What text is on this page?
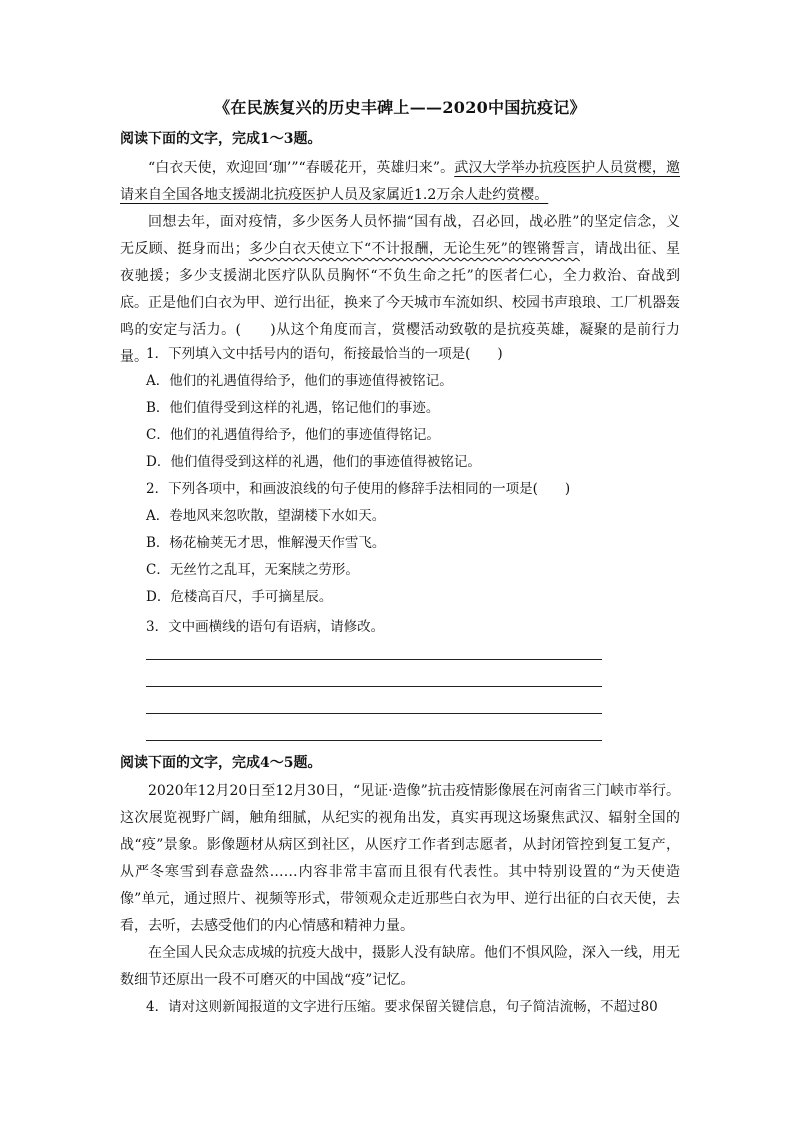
《在民族复兴的历史丰碑上——2020中国抗疫记》
阅读下面的文字，完成1～3题。

“白衣天使，欢迎回‘珈’”“春暖花开，英雄归来”。武汉大学举办抗疫医护人员赏樱，邀请来自全国各地支援湖北抗疫医护人员及家属近1.2万余人赴约赏樱。

回想去年，面对疫情，多少医务人员怀揣“国有战，召必回，战必胜”的坚定信念，义无反顾、挺身而出；多少白衣天使立下“不计报酬，无论生死”的铿锵誓言，请战出征、星夜驰援；多少支援湖北医疗队队员胸怀“不负生命之托”的医者仁心，全力救治、奋战到底。正是他们白衣为甲、逆行出征，换来了今天城市车流如织、校园书声琅琅、工厂机器轰鸣的安定与活力。(　　)从这个角度而言，赏樱活动致敬的是抗疫英雄，凝聚的是前行力量。

1．下列填入文中括号内的语句，衔接最恰当的一项是(　　)
A．他们的礼遇值得给予，他们的事迹值得被铭记。
B．他们值得受到这样的礼遇，铭记他们的事迹。
C．他们的礼遇值得给予，他们的事迹值得铭记。
D．他们值得受到这样的礼遇，他们的事迹值得被铭记。
2．下列各项中，和画波浪线的句子使用的修辞手法相同的一项是(　　)
A．卷地风来忽吹散，望湖楼下水如天。
B．杨花榆荚无才思，惟解漫天作雪飞。
C．无丝竹之乱耳，无案牍之劳形。
D．危楼高百尺，手可摘星辰。
3．文中画横线的语句有语病，请修改。
阅读下面的文字，完成4～5题。

2020年12月20日至12月30日，“见证·造像”抗击疫情影像展在河南省三门峡市举行。这次展览视野广阔，触角细腻，从纪实的视角出发，真实再现这场聚焦武汉、辐射全国的战“疫”景象。影像题材从病区到社区，从医疗工作者到志愿者，从封闭管控到复工复产，从严冬寒雪到春意盎然……内容非常丰富而且很有代表性。其中特别设置的“为天使造像”单元，通过照片、视频等形式，带领观众走近那些白衣为甲、逆行出征的白衣天使，去看，去听，去感受他们的内心情感和精神力量。

在全国人民众志成城的抗疫大战中，摄影人没有缺席。他们不惧风险，深入一线，用无数细节还原出一段不可磨灭的中国战“疫”记忆。

4．请对这则新闻报道的文字进行压缩。要求保留关键信息，句子简洁流畅，不超过80
